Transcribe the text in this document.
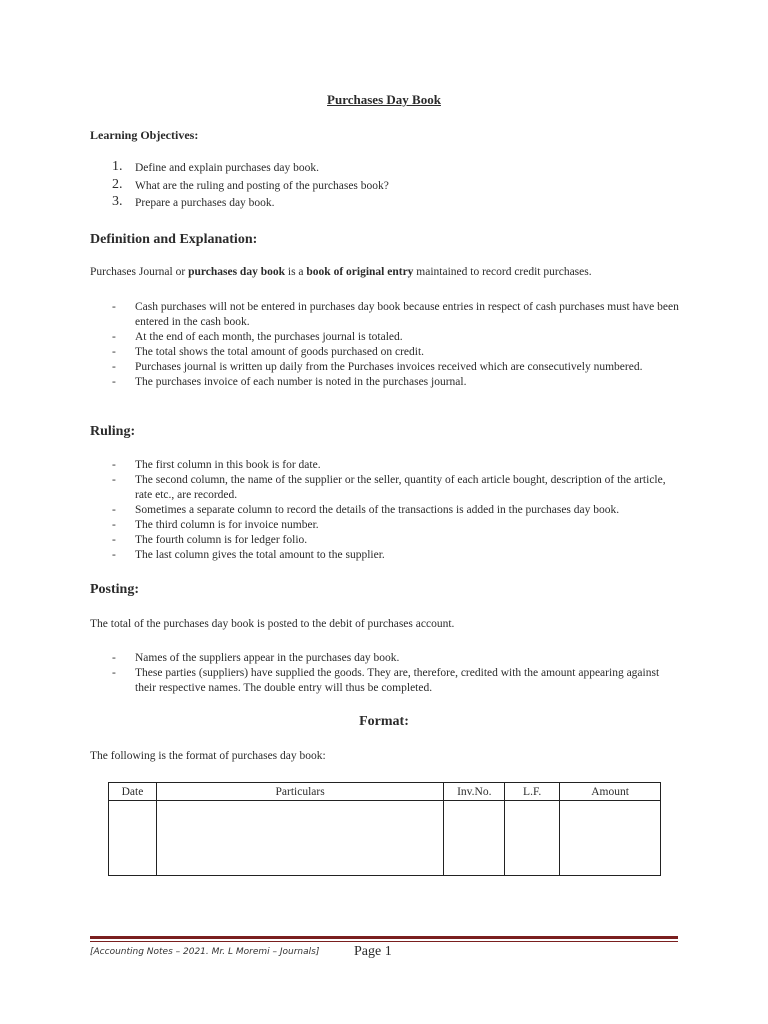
Purchases Day Book
Learning Objectives:
1. Define and explain purchases day book.
2. What are the ruling and posting of the purchases book?
3. Prepare a purchases day book.
Definition and Explanation:
Purchases Journal or purchases day book is a book of original entry maintained to record credit purchases.
- Cash purchases will not be entered in purchases day book because entries in respect of cash purchases must have been entered in the cash book.
- At the end of each month, the purchases journal is totaled.
- The total shows the total amount of goods purchased on credit.
- Purchases journal is written up daily from the Purchases invoices received which are consecutively numbered.
- The purchases invoice of each number is noted in the purchases journal.
Ruling:
- The first column in this book is for date.
- The second column, the name of the supplier or the seller, quantity of each article bought, description of the article, rate etc., are recorded.
- Sometimes a separate column to record the details of the transactions is added in the purchases day book.
- The third column is for invoice number.
- The fourth column is for ledger folio.
- The last column gives the total amount to the supplier.
Posting:
The total of the purchases day book is posted to the debit of purchases account.
- Names of the suppliers appear in the purchases day book.
- These parties (suppliers) have supplied the goods. They are, therefore, credited with the amount appearing against their respective names. The double entry will thus be completed.
Format:
The following is the format of purchases day book:
Date	Particulars	Inv.No.	L.F.	Amount

[Accounting Notes – 2021. Mr. L Moremi – Journals] Page 1
